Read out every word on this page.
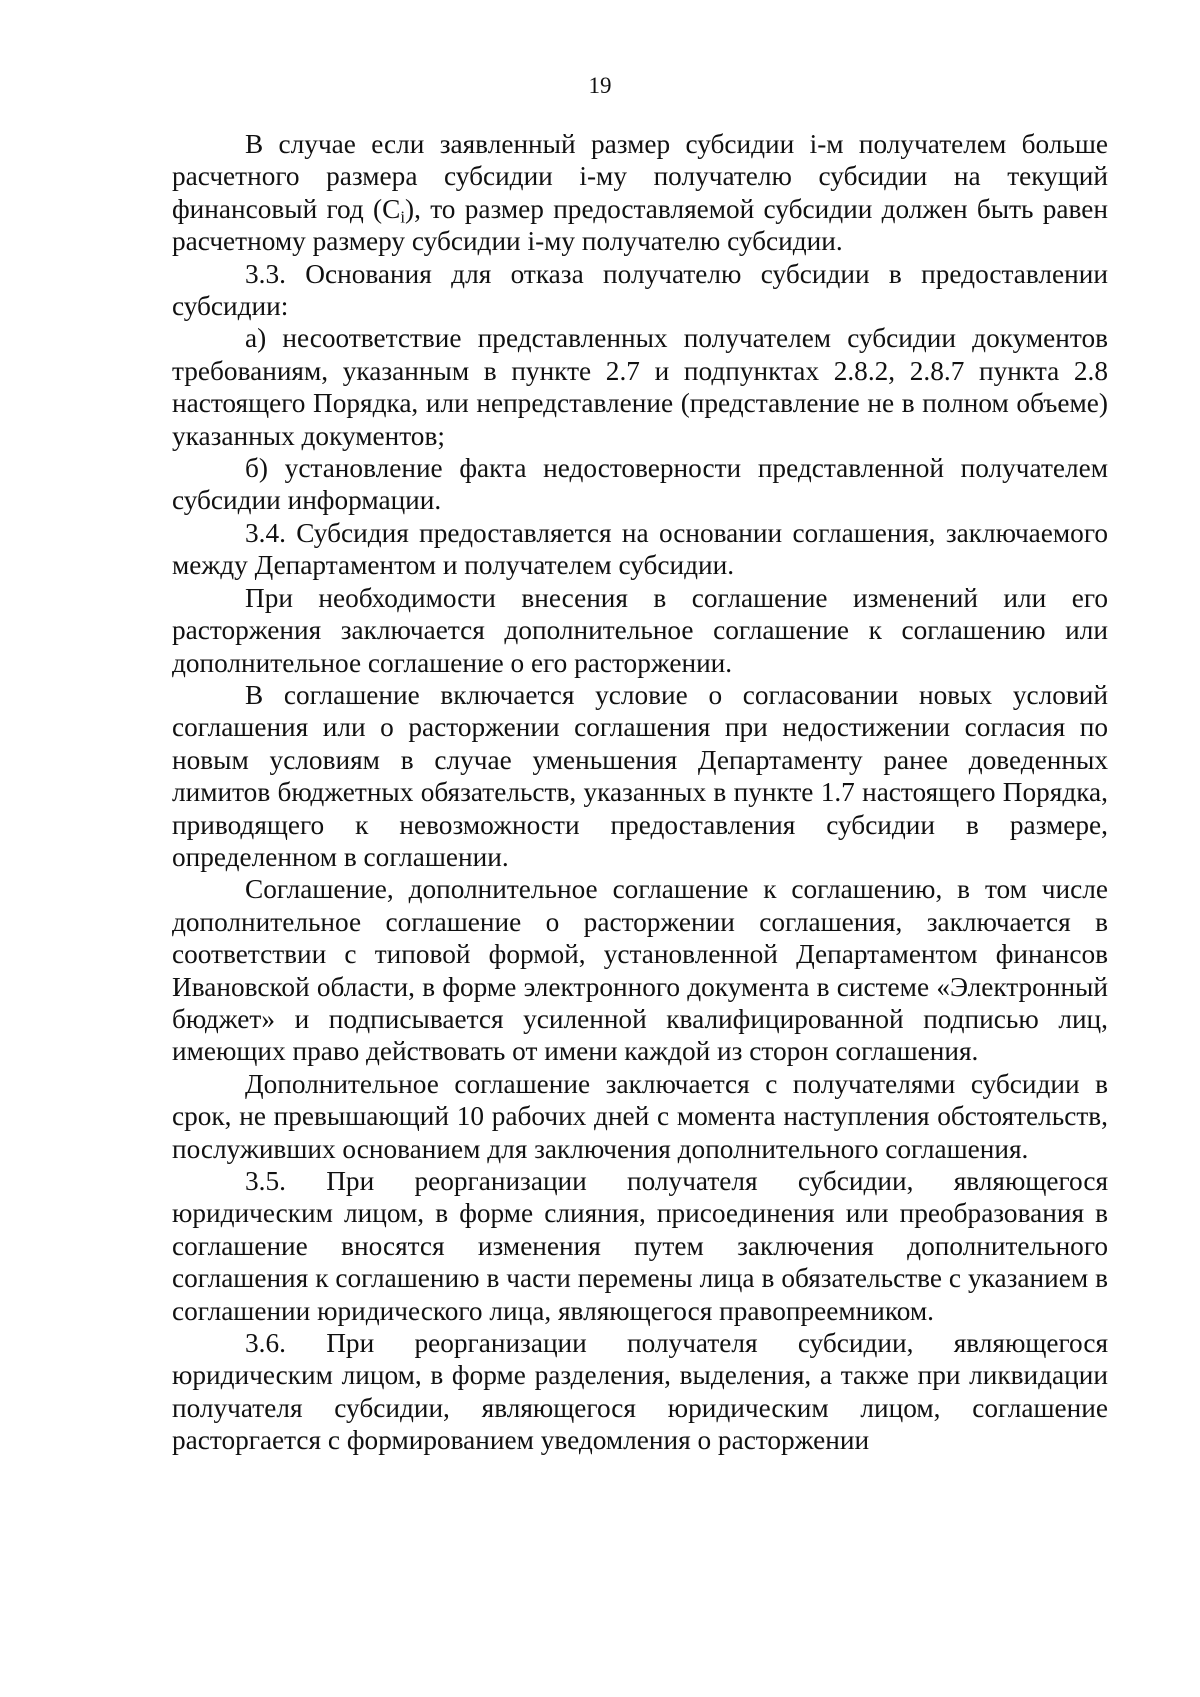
19

В случае если заявленный размер субсидии i-м получателем больше расчетного размера субсидии i-му получателю субсидии на текущий финансовый год $(C_i)$, то размер предоставляемой субсидии должен быть равен расчетному размеру субсидии i-му получателю субсидии.

3.3. Основания для отказа получателю субсидии в предоставлении субсидии:

а) несоответствие представленных получателем субсидии документов требованиям, указанным в пункте 2.7 и подпунктах 2.8.2, 2.8.7 пункта 2.8 настоящего Порядка, или непредставление (представление не в полном объеме) указанных документов;

б) установление факта недостоверности представленной получателем субсидии информации.

3.4. Субсидия предоставляется на основании соглашения, заключаемого между Департаментом и получателем субсидии.

При необходимости внесения в соглашение изменений или его расторжения заключается дополнительное соглашение к соглашению или дополнительное соглашение о его расторжении.

В соглашение включается условие о согласовании новых условий соглашения или о расторжении соглашения при недостижении согласия по новым условиям в случае уменьшения Департаменту ранее доведенных лимитов бюджетных обязательств, указанных в пункте 1.7 настоящего Порядка, приводящего к невозможности предоставления субсидии в размере, определенном в соглашении.

Соглашение, дополнительное соглашение к соглашению, в том числе дополнительное соглашение о расторжении соглашения, заключается в соответствии с типовой формой, установленной Департаментом финансов Ивановской области, в форме электронного документа в системе «Электронный бюджет» и подписывается усиленной квалифицированной подписью лиц, имеющих право действовать от имени каждой из сторон соглашения.

Дополнительное соглашение заключается с получателями субсидии в срок, не превышающий 10 рабочих дней с момента наступления обстоятельств, послуживших основанием для заключения дополнительного соглашения.

3.5. При реорганизации получателя субсидии, являющегося юридическим лицом, в форме слияния, присоединения или преобразования в соглашение вносятся изменения путем заключения дополнительного соглашения к соглашению в части перемены лица в обязательстве с указанием в соглашении юридического лица, являющегося правопреемником.

3.6. При реорганизации получателя субсидии, являющегося юридическим лицом, в форме разделения, выделения, а также при ликвидации получателя субсидии, являющегося юридическим лицом, соглашение расторгается с формированием уведомления о расторжении
